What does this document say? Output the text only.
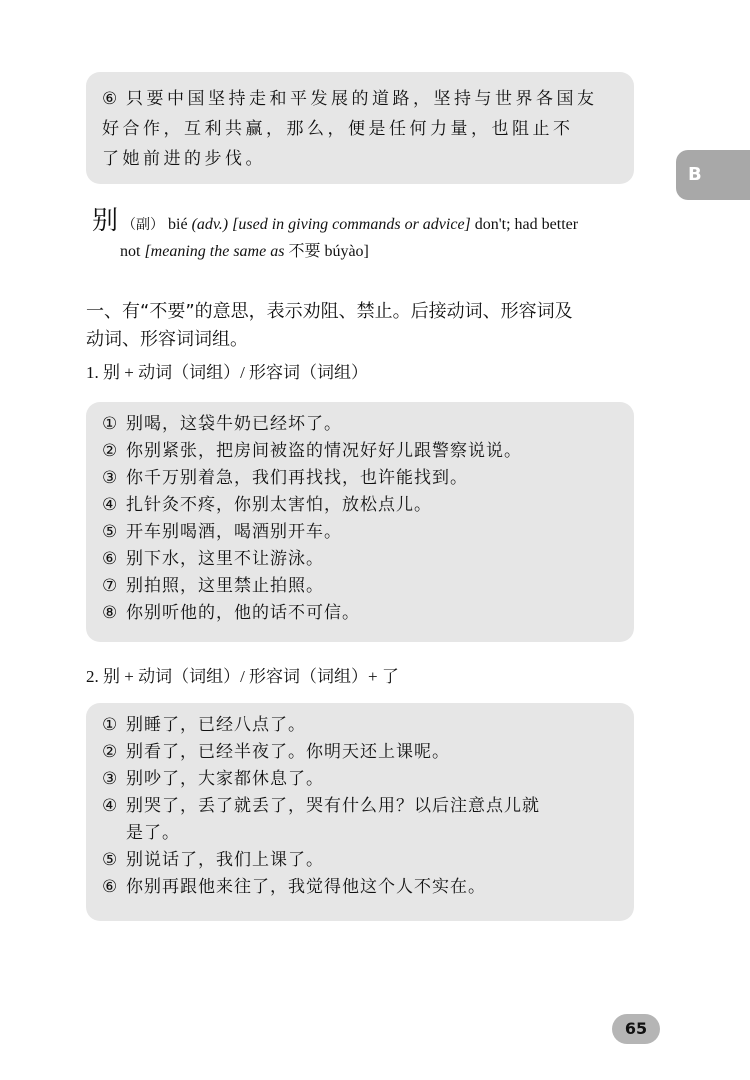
⑥ 只要中国坚持走和平发展的道路，坚持与世界各国友
好合作，互利共赢，那么，便是任何力量，也阻止不
了她前进的步伐。
B
别 （副） bié (adv.) [used in giving commands or advice] don't; had better
not [meaning the same as 不要 búyào]
一、有“不要”的意思，表示劝阻、禁止。后接动词、形容词及
动词、形容词词组。
1. 别 + 动词（词组）/ 形容词（词组）
① 别喝，这袋牛奶已经坏了。
② 你别紧张，把房间被盗的情况好好儿跟警察说说。
③ 你千万别着急，我们再找找，也许能找到。
④ 扎针灸不疼，你别太害怕，放松点儿。
⑤ 开车别喝酒，喝酒别开车。
⑥ 别下水，这里不让游泳。
⑦ 别拍照，这里禁止拍照。
⑧ 你别听他的，他的话不可信。
2. 别 + 动词（词组）/ 形容词（词组）+ 了
① 别睡了，已经八点了。
② 别看了，已经半夜了。你明天还上课呢。
③ 别吵了，大家都休息了。
④ 别哭了，丢了就丢了，哭有什么用？以后注意点儿就
是了。
⑤ 别说话了，我们上课了。
⑥ 你别再跟他来往了，我觉得他这个人不实在。
65
